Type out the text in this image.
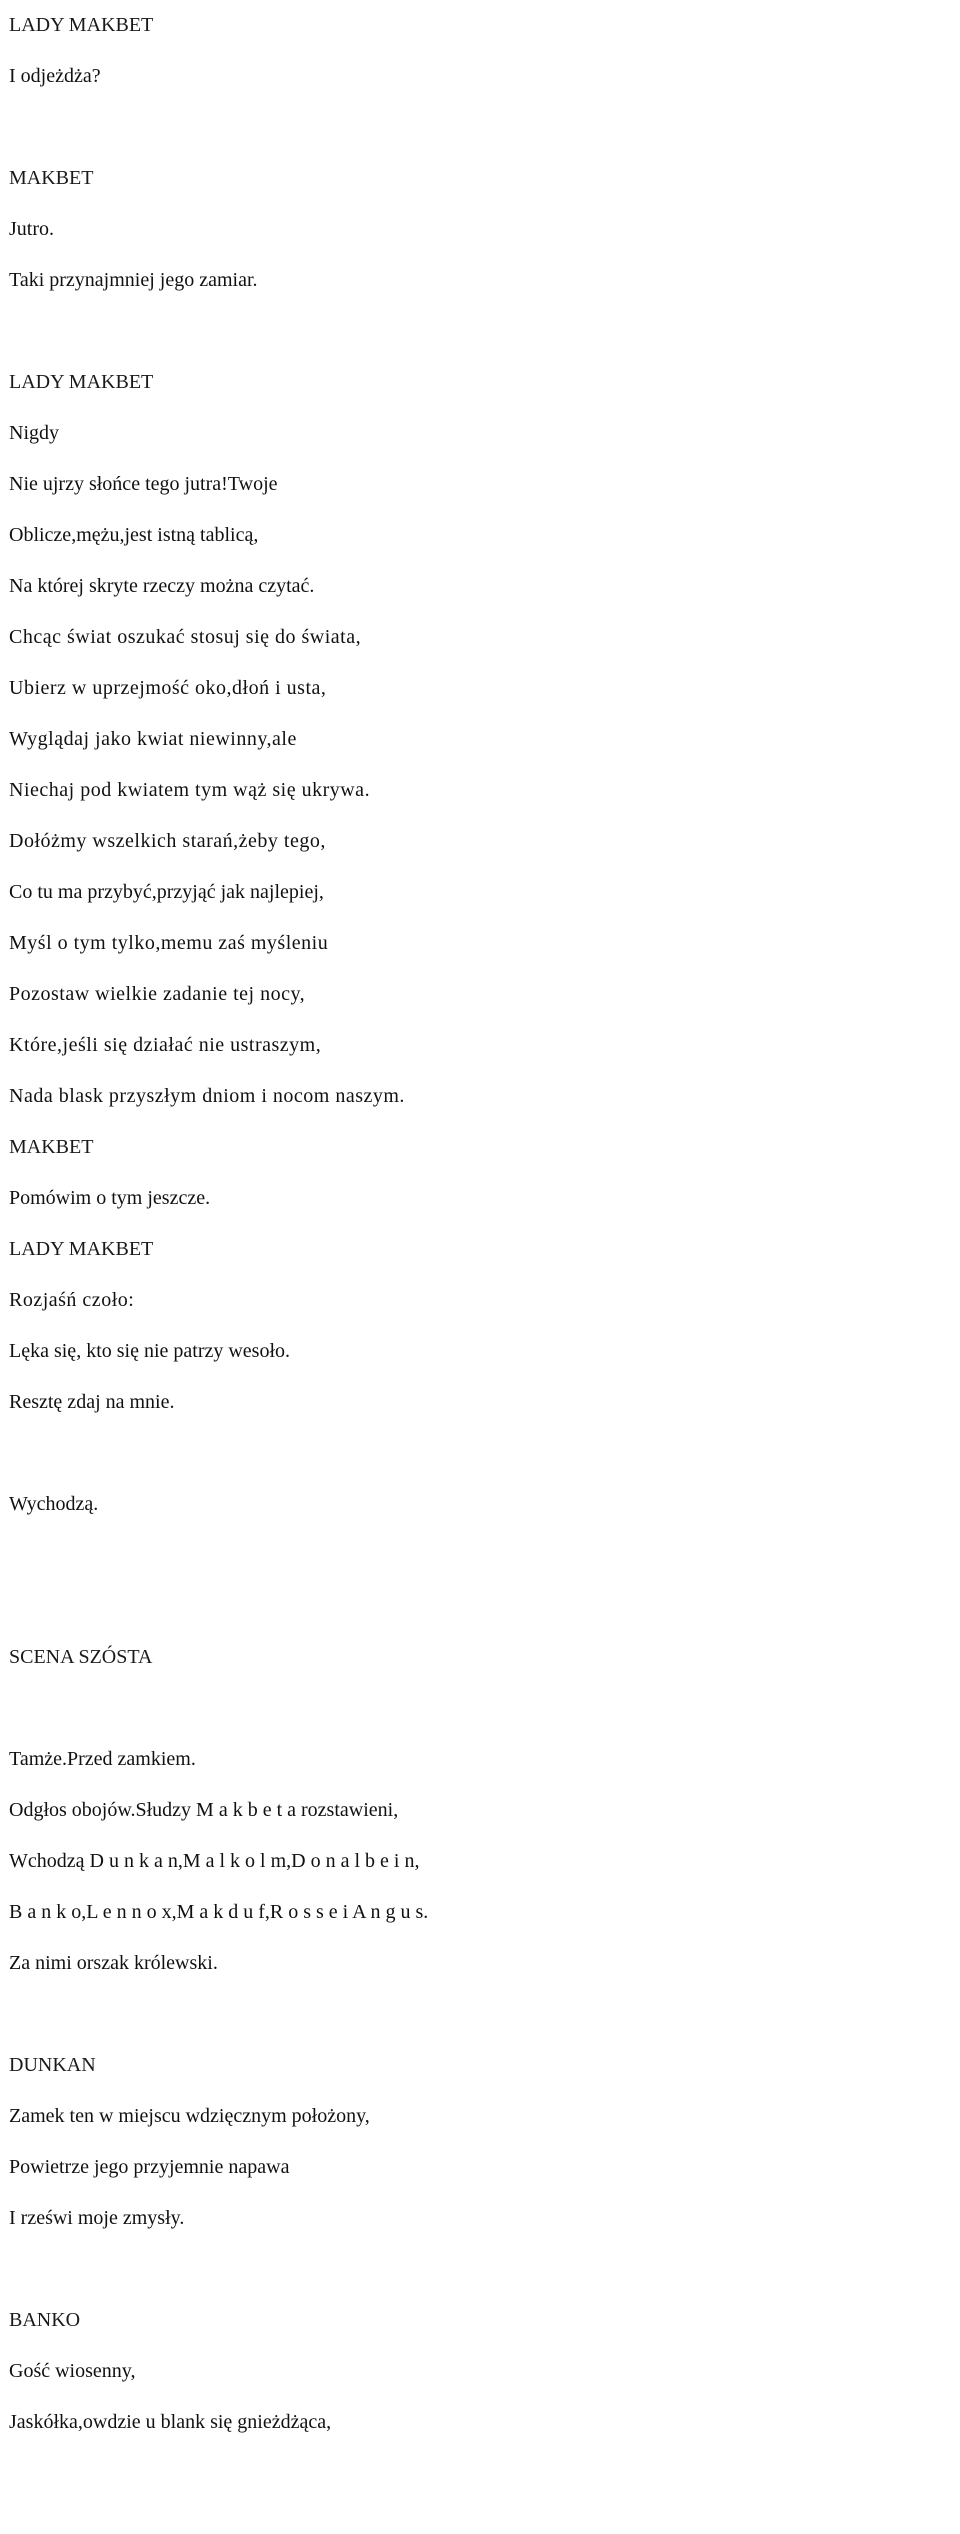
LADY MAKBET
I odjeżdża?
MAKBET
Jutro.
Taki przynajmniej jego zamiar.
LADY MAKBET
Nigdy
Nie ujrzy słońce tego jutra!Twoje
Oblicze,mężu,jest istną tablicą,
Na której skryte rzeczy można czytać.
Chcąc świat oszukać stosuj się do świata,
Ubierz w uprzejmość oko,dłoń i usta,
Wyglądaj jako kwiat niewinny,ale
Niechaj pod kwiatem tym wąż się ukrywa.
Dołóżmy wszelkich starań,żeby tego,
Co tu ma przybyć,przyjąć jak najlepiej,
Myśl o tym tylko,memu zaś myśleniu
Pozostaw wielkie zadanie tej nocy,
Które,jeśli się działać nie ustraszym,
Nada blask przyszłym dniom i nocom naszym.
MAKBET
Pomówim o tym jeszcze.
LADY MAKBET
Rozjaśń czoło:
Lęka się, kto się nie patrzy wesoło.
Resztę zdaj na mnie.
Wychodzą.
SCENA SZÓSTA
Tamże.Przed zamkiem.
Odgłos obojów.Słudzy M a k b e t a rozstawieni,
Wchodzą D u n k a n,M a l k o l m,D o n a l b e i n,
B a n k o,L e n n o x,M a k d u f,R o s s e i A n g u s.
Za nimi orszak królewski.
DUNKAN
Zamek ten w miejscu wdzięcznym położony,
Powietrze jego przyjemnie napawa
I rześwi moje zmysły.
BANKO
Gość wiosenny,
Jaskółka,owdzie u blank się gnieżdżąca,
